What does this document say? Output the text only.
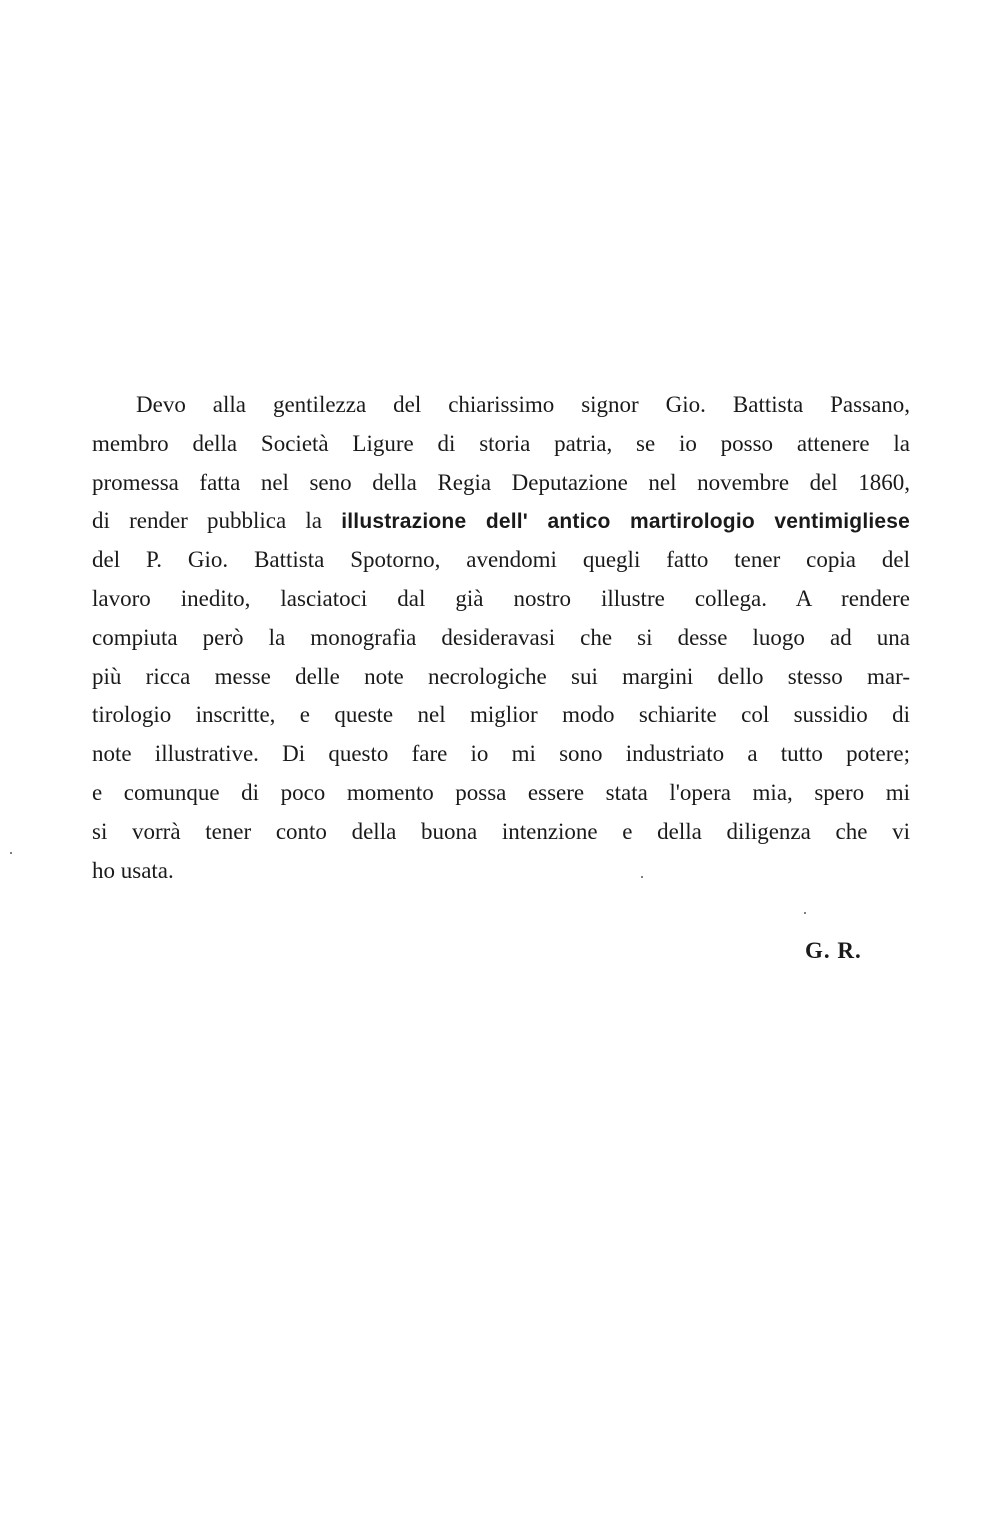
Devo alla gentilezza del chiarissimo signor Gio. Battista Passano,
membro della Società Ligure di storia patria, se io posso attenere la
promessa fatta nel seno della Regia Deputazione nel novembre del 1860,
di render pubblica la illustrazione dell' antico martirologio ventimigliese
del P. Gio. Battista Spotorno, avendomi quegli fatto tener copia del
lavoro inedito, lasciatoci dal già nostro illustre collega. A rendere
compiuta però la monografia desideravasi che si desse luogo ad una
più ricca messe delle note necrologiche sui margini dello stesso mar-
tirologio inscritte, e queste nel miglior modo schiarite col sussidio di
note illustrative. Di questo fare io mi sono industriato a tutto potere;
e comunque di poco momento possa essere stata l'opera mia, spero mi
si vorrà tener conto della buona intenzione e della diligenza che vi
ho usata.
G. R.
